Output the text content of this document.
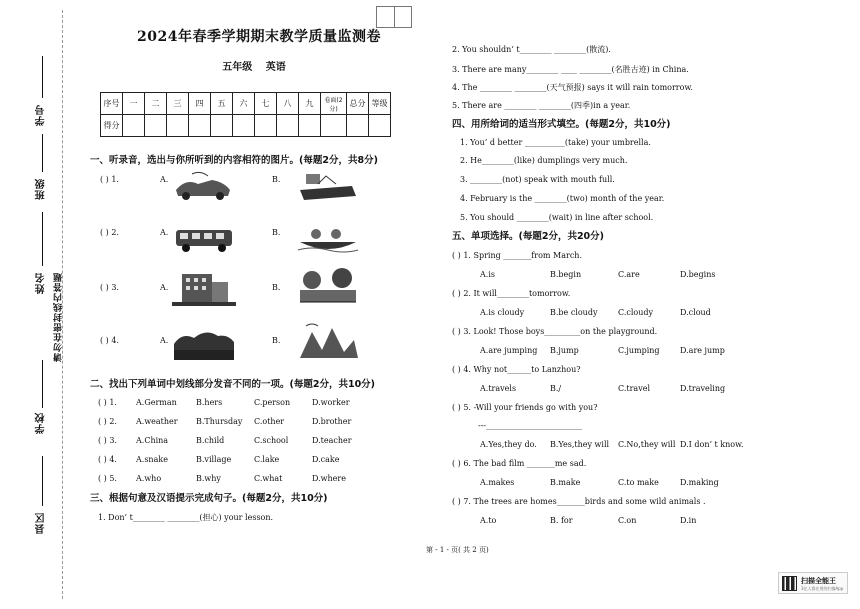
学号
班级
姓名 请勿在密封线内答题
学校
县区
2024年春季学期期末教学质量监测卷
五年级 英语
序号	一	二	三	四	五	六	七	八	九	卷面(2分)	总分	等级
得分												
一、听录音，选出与你所听到的内容相符的图片。(每题2分，共8分)
( ) 1.	A.	B.
( ) 2.	A.	B.
( ) 3.	A.	B.
( ) 4.	A.	B.
二、找出下列单词中划线部分发音不同的一项。(每题2分，共10分)
( ) 1. A.German B.hers	C.person	D.worker
( ) 2. A.weather B.Thursday C.other	D.brother
( ) 3. A.China	B.child	C.school	D.teacher
( ) 4. A.snake	B.village	C.lake	D.cake
( ) 5. A.who	B.why	C.what	D.where
三、根据句意及汉语提示完成句子。(每题2分，共10分)
1. Don’ t________ ________(担心) your lesson.
2. You shouldn’ t________ ________(散流).
3. There are many________ ____ ________(名胜古迹) in China.
4. The ________ ________(天气预报) says it will rain tomorrow.
5. There are ________ ________(四季)in a year.
四、用所给词的适当形式填空。(每题2分，共10分)
1. You’ d better __________(take) your umbrella.
2. He________(like) dumplings very much.
3. ________(not) speak with mouth full.
4. February is the ________(two) month of the year.
5. You should ________(wait) in line after school.
五、单项选择。(每题2分，共20分)
( ) 1. Spring _______from March.
A.is	B.begin	C.are	D.begins
( ) 2. It will________tomorrow.
A.is cloudy	B.be cloudy	C.cloudy	D.cloud
( ) 3. Look! Those boys_________on the playground.
A.are jumping B.jump	C.jumping	D.are jump
( ) 4. Why not______to Lanzhou?
A.travels	B./	C.travel	D.traveling
( ) 5. -Will your friends go with you?
---________________________
A.Yes,they do. B.Yes,they will C.No,they will D.I don’ t know.
( ) 6. The bad film _______me sad.
A.makes	B.make	C.to make	D.making
( ) 7. The trees are homes_______birds and some wild animals .
A.to	B. for	C.on	D.in
第 - 1 - 页( 共 2 页)
扫描全能王
3亿人都在用的扫描App
